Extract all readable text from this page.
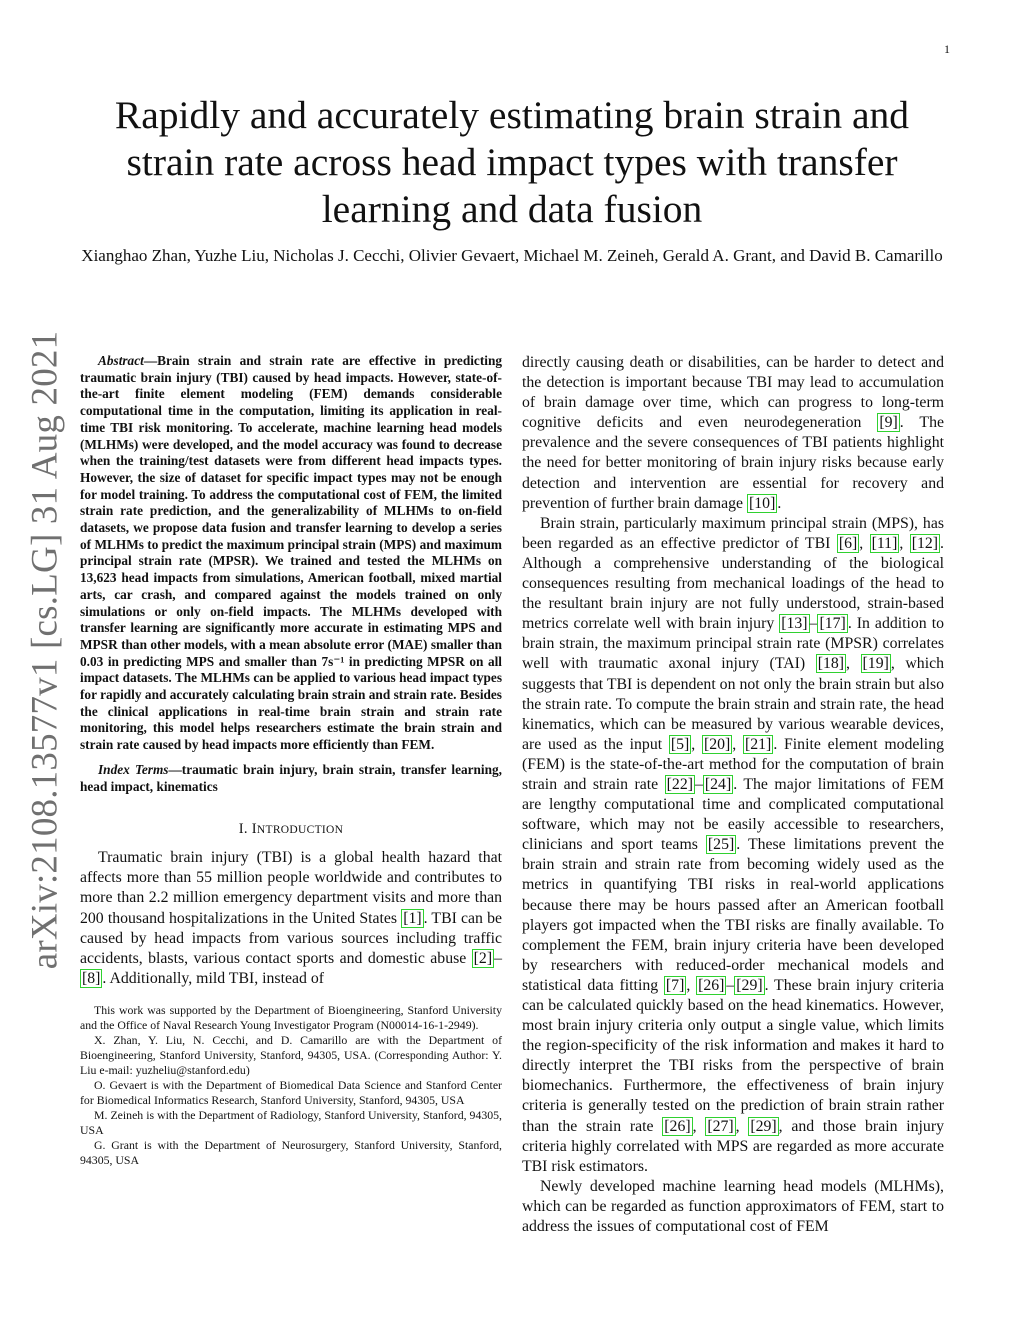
1
arXiv:2108.13577v1 [cs.LG] 31 Aug 2021
Rapidly and accurately estimating brain strain and strain rate across head impact types with transfer learning and data fusion
Xianghao Zhan, Yuzhe Liu, Nicholas J. Cecchi, Olivier Gevaert, Michael M. Zeineh, Gerald A. Grant, and David B. Camarillo

Abstract—Brain strain and strain rate are effective in predicting traumatic brain injury (TBI) caused by head impacts. However, state-of-the-art finite element modeling (FEM) demands considerable computational time in the computation, limiting its application in real-time TBI risk monitoring. To accelerate, machine learning head models (MLHMs) were developed, and the model accuracy was found to decrease when the training/test datasets were from different head impacts types. However, the size of dataset for specific impact types may not be enough for model training. To address the computational cost of FEM, the limited strain rate prediction, and the generalizability of MLHMs to on-field datasets, we propose data fusion and transfer learning to develop a series of MLHMs to predict the maximum principal strain (MPS) and maximum principal strain rate (MPSR). We trained and tested the MLHMs on 13,623 head impacts from simulations, American football, mixed martial arts, car crash, and compared against the models trained on only simulations or only on-field impacts. The MLHMs developed with transfer learning are significantly more accurate in estimating MPS and MPSR than other models, with a mean absolute error (MAE) smaller than 0.03 in predicting MPS and smaller than 7s⁻¹ in predicting MPSR on all impact datasets. The MLHMs can be applied to various head impact types for rapidly and accurately calculating brain strain and strain rate. Besides the clinical applications in real-time brain strain and strain rate monitoring, this model helps researchers estimate the brain strain and strain rate caused by head impacts more efficiently than FEM.

Index Terms—traumatic brain injury, brain strain, transfer learning, head impact, kinematics

I. INTRODUCTION

Traumatic brain injury (TBI) is a global health hazard that affects more than 55 million people worldwide and contributes to more than 2.2 million emergency department visits and more than 200 thousand hospitalizations in the United States [1] . TBI can be caused by head impacts from various sources including traffic accidents, blasts, various contact sports and domestic abuse [2] –[8] . Additionally, mild TBI, instead of

This work was supported by the Department of Bioengineering, Stanford University and the Office of Naval Research Young Investigator Program (N00014-16-1-2949).

X. Zhan, Y. Liu, N. Cecchi, and D. Camarillo are with the Department of Bioengineering, Stanford University, Stanford, 94305, USA. (Corresponding Author: Y. Liu e-mail: yuzheliu@stanford.edu)

O. Gevaert is with the Department of Biomedical Data Science and Stanford Center for Biomedical Informatics Research, Stanford University, Stanford, 94305, USA

M. Zeineh is with the Department of Radiology, Stanford University, Stanford, 94305, USA

G. Grant is with the Department of Neurosurgery, Stanford University, Stanford, 94305, USA

directly causing death or disabilities, can be harder to detect and the detection is important because TBI may lead to accumulation of brain damage over time, which can progress to long-term cognitive deficits and even neurodegeneration [9] . The prevalence and the severe consequences of TBI patients highlight the need for better monitoring of brain injury risks because early detection and intervention are essential for recovery and prevention of further brain damage [10] .

Brain strain, particularly maximum principal strain (MPS), has been regarded as an effective predictor of TBI [6] , [11] , [12] . Although a comprehensive understanding of the biological consequences resulting from mechanical loadings of the head to the resultant brain injury are not fully understood, strain-based metrics correlate well with brain injury [13] – [17] . In addition to brain strain, the maximum principal strain rate (MPSR) correlates well with traumatic axonal injury (TAI) [18] , [19] , which suggests that TBI is dependent on not only the brain strain but also the strain rate. To compute the brain strain and strain rate, the head kinematics, which can be measured by various wearable devices, are used as the input [5] , [20] , [21] . Finite element modeling (FEM) is the state-of-the-art method for the computation of brain strain and strain rate [22] – [24] . The major limitations of FEM are lengthy computational time and complicated computational software, which may not be easily accessible to researchers, clinicians and sport teams [25] . These limitations prevent the brain strain and strain rate from becoming widely used as the metrics in quantifying TBI risks in real-world applications because there may be hours passed after an American football players got impacted when the TBI risks are finally available. To complement the FEM, brain injury criteria have been developed by researchers with reduced-order mechanical models and statistical data fitting [7] , [26] – [29] . These brain injury criteria can be calculated quickly based on the head kinematics. However, most brain injury criteria only output a single value, which limits the region-specificity of the risk information and makes it hard to directly interpret the TBI risks from the perspective of brain biomechanics. Furthermore, the effectiveness of brain injury criteria is generally tested on the prediction of brain strain rather than the strain rate [26] , [27] , [29] , and those brain injury criteria highly correlated with MPS are regarded as more accurate TBI risk estimators.

Newly developed machine learning head models (MLHMs), which can be regarded as function approximators of FEM, start to address the issues of computational cost of FEM
